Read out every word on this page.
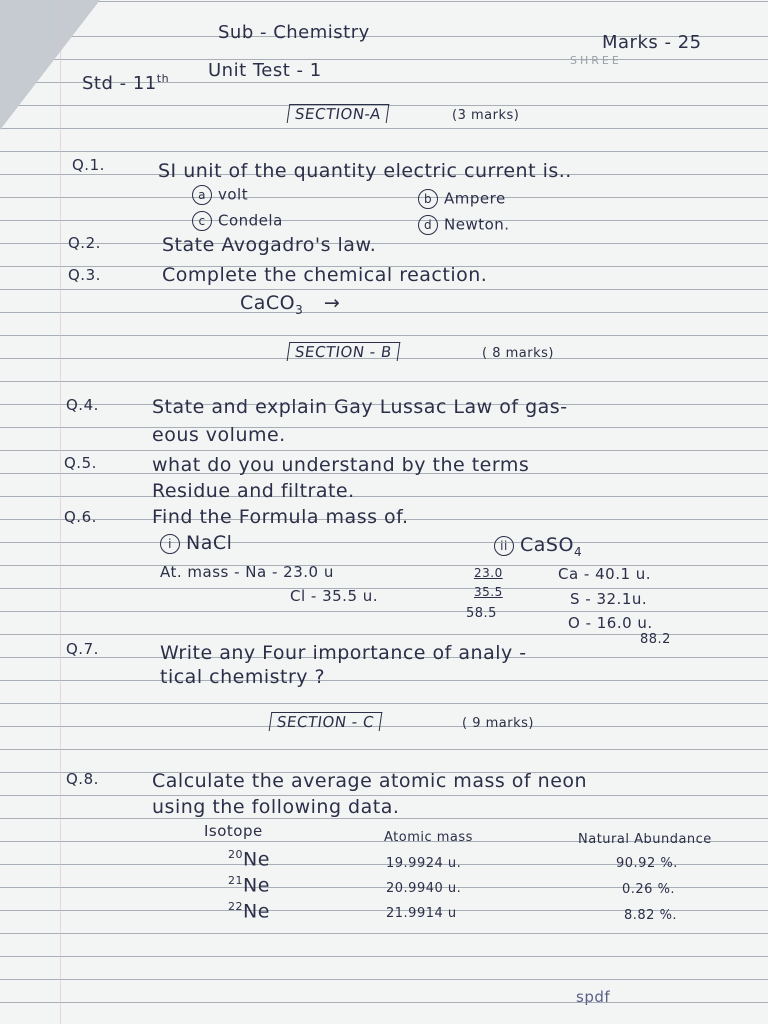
Sub - Chemistry	Marks - 25
SHREE
Std - 11th Unit Test - 1
SECTION-A	(3 marks)
Q.1.	SI unit of the quantity electric current is..
a volt	b Ampere
c Condela	d Newton.
Q.2.	State Avogadro's law.
Q.3.	Complete the chemical reaction.
CaCO$_3$ →
SECTION - B	( 8 marks)
Q.4.	State and explain Gay Lussac Law of gas-
eous volume.
Q.5.	what do you understand by the terms
Residue and filtrate.
Q.6.	Find the Formula mass of.
i NaCl	ii CaSO$_4$
At. mass - Na - 23.0 u
Cl - 35.5 u.
23.0
35.5
58.5
Ca - 40.1 u.
S - 32.1u.
O - 16.0 u.
88.2
Q.7.	Write any Four importance of analy -
tical chemistry ?
SECTION - C	( 9 marks)
Q.8.	Calculate the average atomic mass of neon
using the following data.
Isotope	Atomic mass	Natural Abundance
$^{20}$Ne	19.9924 u.	90.92 %.
$^{21}$Ne	20.9940 u.	0.26 %.
$^{22}$Ne	21.9914 u	8.82 %.
spdf
